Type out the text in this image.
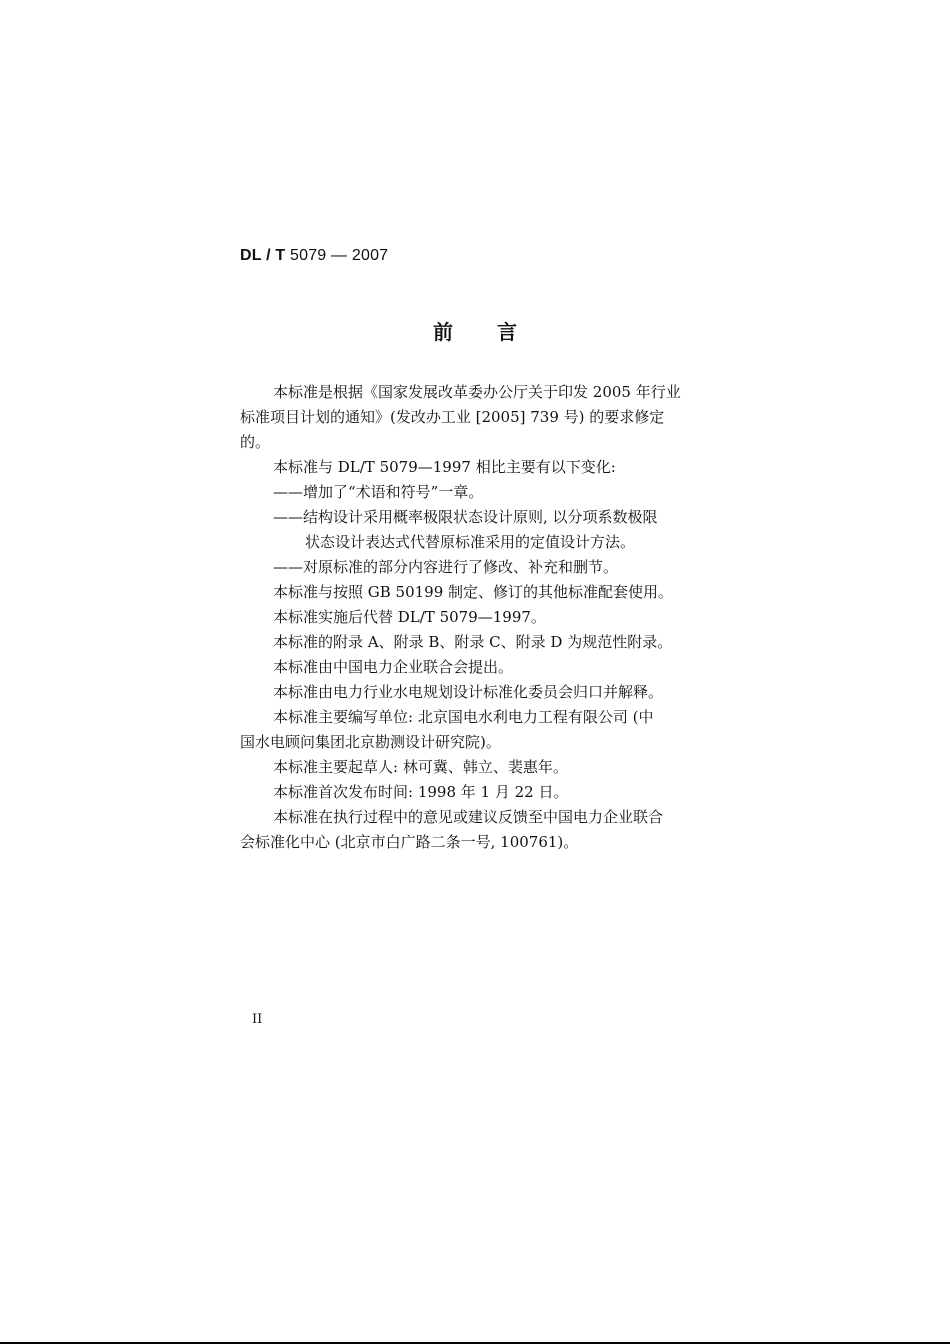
DL / T 5079 — 2007
前 言

本标准是根据《国家发展改革委办公厅关于印发 2005 年行业

标准项目计划的通知》(发改办工业 [2005] 739 号) 的要求修定

的。

本标准与 DL/T 5079—1997 相比主要有以下变化:

——增加了“术语和符号”一章。

——结构设计采用概率极限状态设计原则, 以分项系数极限

状态设计表达式代替原标准采用的定值设计方法。

——对原标准的部分内容进行了修改、补充和删节。

本标准与按照 GB 50199 制定、修订的其他标准配套使用。

本标准实施后代替 DL/T 5079—1997。

本标准的附录 A、附录 B、附录 C、附录 D 为规范性附录。

本标准由中国电力企业联合会提出。

本标准由电力行业水电规划设计标准化委员会归口并解释。

本标准主要编写单位: 北京国电水利电力工程有限公司 (中

国水电顾问集团北京勘测设计研究院)。

本标准主要起草人: 林可冀、韩立、裴惠年。

本标准首次发布时间: 1998 年 1 月 22 日。

本标准在执行过程中的意见或建议反馈至中国电力企业联合

会标准化中心 (北京市白广路二条一号, 100761)。

II
